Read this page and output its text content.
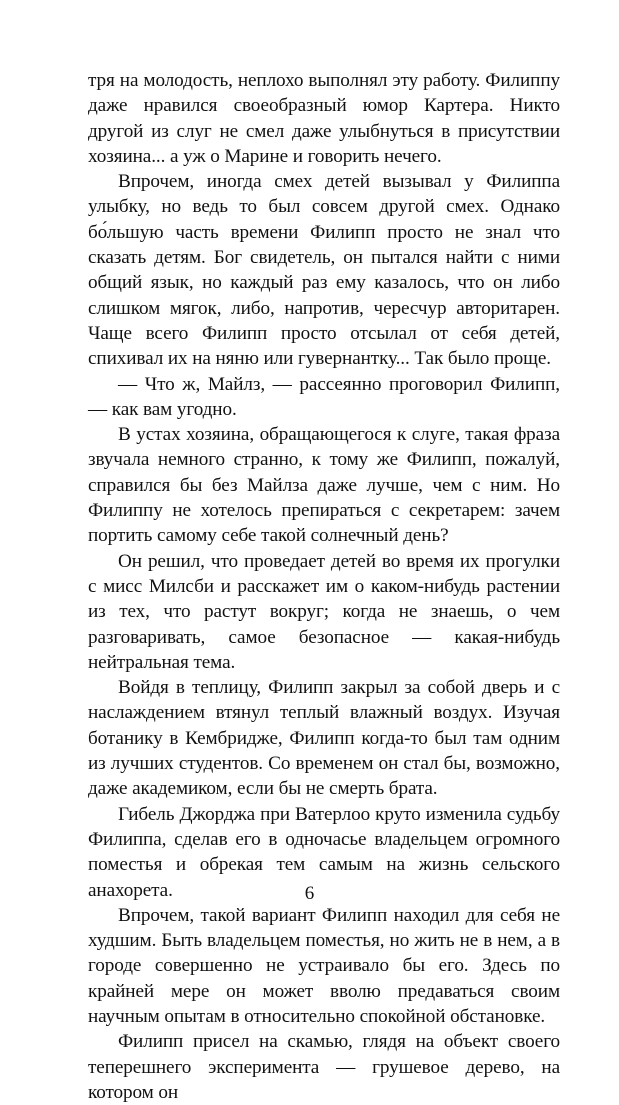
тря на молодость, неплохо выполнял эту работу. Филиппу даже нравился своеобразный юмор Картера. Никто другой из слуг не смел даже улыбнуться в присутствии хозяина... а уж о Марине и говорить нечего.

Впрочем, иногда смех детей вызывал у Филиппа улыбку, но ведь то был совсем другой смех. Однако бо́льшую часть времени Филипп просто не знал что сказать детям. Бог свидетель, он пытался найти с ними общий язык, но каждый раз ему казалось, что он либо слишком мягок, либо, напротив, чересчур авторитарен. Чаще всего Филипп просто отсылал от себя детей, спихивал их на няню или гувернантку... Так было проще.

— Что ж, Майлз, — рассеянно проговорил Филипп, — как вам угодно.

В устах хозяина, обращающегося к слуге, такая фраза звучала немного странно, к тому же Филипп, пожалуй, справился бы без Майлза даже лучше, чем с ним. Но Филиппу не хотелось препираться с секретарем: зачем портить самому себе такой солнечный день?

Он решил, что проведает детей во время их прогулки с мисс Милсби и расскажет им о каком-нибудь растении из тех, что растут вокруг; когда не знаешь, о чем разговаривать, самое безопасное — какая-нибудь нейтральная тема.

Войдя в теплицу, Филипп закрыл за собой дверь и с наслаждением втянул теплый влажный воздух. Изучая ботанику в Кембридже, Филипп когда-то был там одним из лучших студентов. Со временем он стал бы, возможно, даже академиком, если бы не смерть брата.

Гибель Джорджа при Ватерлоо круто изменила судьбу Филиппа, сделав его в одночасье владельцем огромного поместья и обрекая тем самым на жизнь сельского анахорета.

Впрочем, такой вариант Филипп находил для себя не худшим. Быть владельцем поместья, но жить не в нем, а в городе совершенно не устраивало бы его. Здесь по крайней мере он может вволю предаваться своим научным опытам в относительно спокойной обстановке.

Филипп присел на скамью, глядя на объект своего теперешнего эксперимента — грушевое дерево, на котором он

6
